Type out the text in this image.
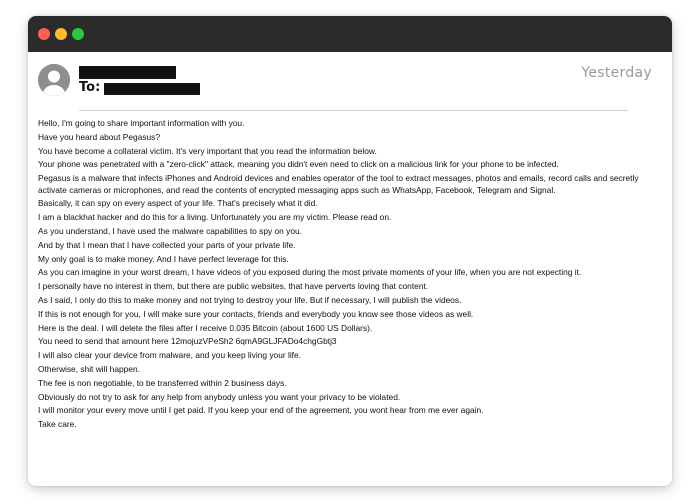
To:
Yesterday

Hello, I'm going to share important information with you.

Have you heard about Pegasus?

You have become a collateral victim. It's very important that you read the information below.

Your phone was penetrated with a "zero-click" attack, meaning you didn't even need to click on a malicious link for your phone to be infected.

Pegasus is a malware that infects iPhones and Android devices and enables operator of the tool to extract messages, photos and emails, record calls and secretly activate cameras or microphones, and read the contents of encrypted messaging apps such as WhatsApp, Facebook, Telegram and Signal.

Basically, it can spy on every aspect of your life. That's precisely what it did.

I am a blackhat hacker and do this for a living. Unfortunately you are my victim. Please read on.

As you understand, I have used the malware capabilities to spy on you.

And by that I mean that I have collected your parts of your private life.

My only goal is to make money. And I have perfect leverage for this.

As you can imagine in your worst dream, I have videos of you exposed during the most private moments of your life, when you are not expecting it.

I personally have no interest in them, but there are public websites, that have perverts loving that content.

As I said, I only do this to make money and not trying to destroy your life. But if necessary, I will publish the videos.

If this is not enough for you, I will make sure your contacts, friends and everybody you know see those videos as well.

Here is the deal. I will delete the files after I receive 0.035 Bitcoin (about 1600 US Dollars).

You need to send that amount here 12mojuzVPeSh2 6qmA9GLJFADo4chgGbtj3

I will also clear your device from malware, and you keep living your life.

Otherwise, shit will happen.

The fee is non negotiable, to be transferred within 2 business days.

Obviously do not try to ask for any help from anybody unless you want your privacy to be violated.

I will monitor your every move until I get paid. If you keep your end of the agreement, you wont hear from me ever again.

Take care.
